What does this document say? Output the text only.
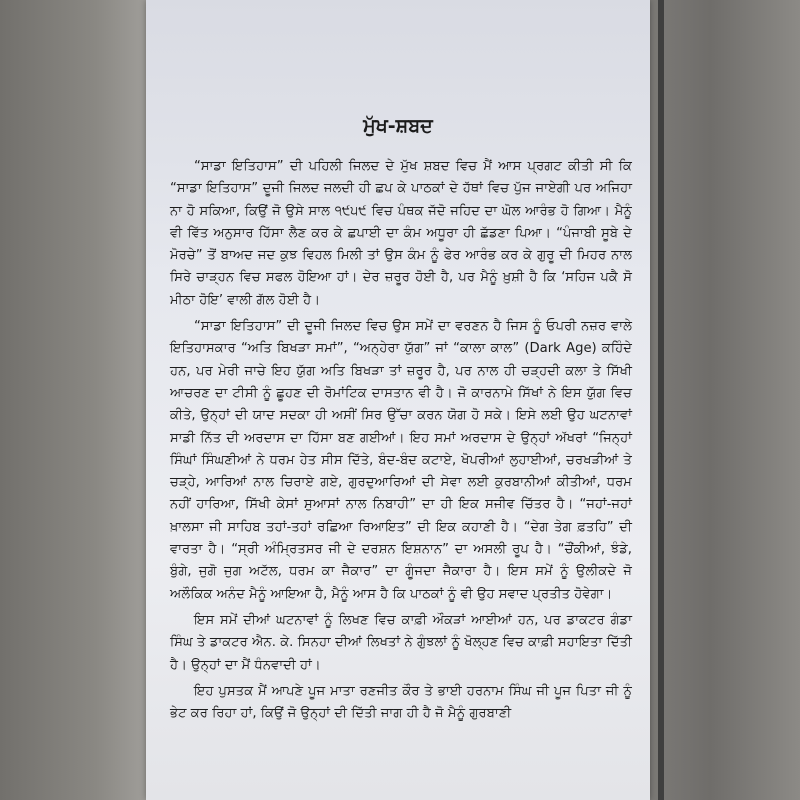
ਮੁੱਖ-ਸ਼ਬਦ

“ਸਾਡਾ ਇਤਿਹਾਸ” ਦੀ ਪਹਿਲੀ ਜਿਲਦ ਦੇ ਮੁੱਖ ਸ਼ਬਦ ਵਿਚ ਮੈਂ ਆਸ ਪ੍ਰਗਟ ਕੀਤੀ ਸੀ ਕਿ “ਸਾਡਾ ਇਤਿਹਾਸ” ਦੂਜੀ ਜਿਲਦ ਜਲਦੀ ਹੀ ਛਪ ਕੇ ਪਾਠਕਾਂ ਦੇ ਹੱਥਾਂ ਵਿਚ ਪੁੱਜ ਜਾਏਗੀ ਪਰ ਅਜਿਹਾ ਨਾ ਹੋ ਸਕਿਆ, ਕਿਉਂ ਜੋ ਉਸੇ ਸਾਲ ੧੯੫੯ ਵਿਚ ਪੰਥਕ ਜੱਦੋ ਜਹਿਦ ਦਾ ਘੋਲ ਆਰੰਭ ਹੋ ਗਿਆ। ਮੈਨੂੰ ਵੀ ਵਿੱਤ ਅਨੁਸਾਰ ਹਿੱਸਾ ਲੈਣ ਕਰ ਕੇ ਛਪਾਈ ਦਾ ਕੰਮ ਅਧੂਰਾ ਹੀ ਛੱਡਣਾ ਪਿਆ। “ਪੰਜਾਬੀ ਸੂਬੇ ਦੇ ਮੋਰਚੇ” ਤੋਂ ਬਾਅਦ ਜਦ ਕੁਝ ਵਿਹਲ ਮਿਲੀ ਤਾਂ ਉਸ ਕੰਮ ਨੂੰ ਫੇਰ ਆਰੰਭ ਕਰ ਕੇ ਗੁਰੂ ਦੀ ਮਿਹਰ ਨਾਲ ਸਿਰੇ ਚਾੜ੍ਹਨ ਵਿਚ ਸਫਲ ਹੋਇਆ ਹਾਂ। ਦੇਰ ਜ਼ਰੂਰ ਹੋਈ ਹੈ, ਪਰ ਮੈਨੂੰ ਖ਼ੁਸ਼ੀ ਹੈ ਕਿ ‘ਸਹਿਜ ਪਕੈ ਸੋ ਮੀਠਾ ਹੋਇ’ ਵਾਲੀ ਗੱਲ ਹੋਈ ਹੈ।

“ਸਾਡਾ ਇਤਿਹਾਸ” ਦੀ ਦੂਜੀ ਜਿਲਦ ਵਿਚ ਉਸ ਸਮੇਂ ਦਾ ਵਰਣਨ ਹੈ ਜਿਸ ਨੂੰ ਓਪਰੀ ਨਜ਼ਰ ਵਾਲੇ ਇਤਿਹਾਸਕਾਰ “ਅਤਿ ਬਿਖੜਾ ਸਮਾਂ”, “ਅਨ੍ਹੇਰਾ ਯੁੱਗ” ਜਾਂ “ਕਾਲਾ ਕਾਲ” (Dark Age) ਕਹਿੰਦੇ ਹਨ, ਪਰ ਮੇਰੀ ਜਾਚੇ ਇਹ ਯੁੱਗ ਅਤਿ ਬਿਖੜਾ ਤਾਂ ਜ਼ਰੂਰ ਹੈ, ਪਰ ਨਾਲ ਹੀ ਚੜ੍ਹਦੀ ਕਲਾ ਤੇ ਸਿੱਖੀ ਆਚਰਣ ਦਾ ਟੀਸੀ ਨੂੰ ਛੂਹਣ ਦੀ ਰੋਮਾਂਟਿਕ ਦਾਸਤਾਨ ਵੀ ਹੈ। ਜੋ ਕਾਰਨਾਮੇ ਸਿੱਖਾਂ ਨੇ ਇਸ ਯੁੱਗ ਵਿਚ ਕੀਤੇ, ਉਨ੍ਹਾਂ ਦੀ ਯਾਦ ਸਦਕਾ ਹੀ ਅਸੀਂ ਸਿਰ ਉੱਚਾ ਕਰਨ ਯੋਗ ਹੋ ਸਕੇ। ਇਸੇ ਲਈ ਉਹ ਘਟਨਾਵਾਂ ਸਾਡੀ ਨਿੱਤ ਦੀ ਅਰਦਾਸ ਦਾ ਹਿੱਸਾ ਬਣ ਗਈਆਂ। ਇਹ ਸਮਾਂ ਅਰਦਾਸ ਦੇ ਉਨ੍ਹਾਂ ਅੱਖਰਾਂ “ਜਿਨ੍ਹਾਂ ਸਿੰਘਾਂ ਸਿੰਘਣੀਆਂ ਨੇ ਧਰਮ ਹੇਤ ਸੀਸ ਦਿੱਤੇ, ਬੰਦ-ਬੰਦ ਕਟਾਏ, ਖੋਪਰੀਆਂ ਲੁਹਾਈਆਂ, ਚਰਖੜੀਆਂ ਤੇ ਚੜ੍ਹੇ, ਆਰਿਆਂ ਨਾਲ ਚਿਰਾਏ ਗਏ, ਗੁਰਦੁਆਰਿਆਂ ਦੀ ਸੇਵਾ ਲਈ ਕੁਰਬਾਨੀਆਂ ਕੀਤੀਆਂ, ਧਰਮ ਨਹੀਂ ਹਾਰਿਆ, ਸਿੱਖੀ ਕੇਸਾਂ ਸੁਆਸਾਂ ਨਾਲ ਨਿਬਾਹੀ” ਦਾ ਹੀ ਇਕ ਸਜੀਵ ਚਿੱਤਰ ਹੈ। “ਜਹਾਂ-ਜਹਾਂ ਖ਼ਾਲਸਾ ਜੀ ਸਾਹਿਬ ਤਹਾਂ-ਤਹਾਂ ਰਛਿਆ ਰਿਆਇਤ” ਦੀ ਇਕ ਕਹਾਣੀ ਹੈ। “ਦੇਗ ਤੇਗ ਫ਼ਤਹਿ” ਦੀ ਵਾਰਤਾ ਹੈ। “ਸ੍ਰੀ ਅੰਮ੍ਰਿਤਸਰ ਜੀ ਦੇ ਦਰਸ਼ਨ ਇਸ਼ਨਾਨ” ਦਾ ਅਸਲੀ ਰੂਪ ਹੈ। “ਚੌਂਕੀਆਂ, ਝੰਡੇ, ਬੁੰਗੇ, ਜੁਗੋ ਜੁਗ ਅਟੱਲ, ਧਰਮ ਕਾ ਜੈਕਾਰ” ਦਾ ਗੂੰਜਦਾ ਜੈਕਾਰਾ ਹੈ। ਇਸ ਸਮੇਂ ਨੂੰ ਉਲੀਕਦੇ ਜੋ ਅਲੌਕਿਕ ਅਨੰਦ ਮੈਨੂੰ ਆਇਆ ਹੈ, ਮੈਨੂੰ ਆਸ ਹੈ ਕਿ ਪਾਠਕਾਂ ਨੂੰ ਵੀ ਉਹ ਸਵਾਦ ਪ੍ਰਤੀਤ ਹੋਵੇਗਾ।

ਇਸ ਸਮੇਂ ਦੀਆਂ ਘਟਨਾਵਾਂ ਨੂੰ ਲਿਖਣ ਵਿਚ ਕਾਫ਼ੀ ਔਕੜਾਂ ਆਈਆਂ ਹਨ, ਪਰ ਡਾਕਟਰ ਗੰਡਾ ਸਿੰਘ ਤੇ ਡਾਕਟਰ ਐਨ. ਕੇ. ਸਿਨਹਾ ਦੀਆਂ ਲਿਖਤਾਂ ਨੇ ਗੁੰਝਲਾਂ ਨੂੰ ਖੋਲ੍ਹਣ ਵਿਚ ਕਾਫ਼ੀ ਸਹਾਇਤਾ ਦਿੱਤੀ ਹੈ। ਉਨ੍ਹਾਂ ਦਾ ਮੈਂ ਧੰਨਵਾਦੀ ਹਾਂ।

ਇਹ ਪੁਸਤਕ ਮੈਂ ਆਪਣੇ ਪੂਜ ਮਾਤਾ ਰਣਜੀਤ ਕੌਰ ਤੇ ਭਾਈ ਹਰਨਾਮ ਸਿੰਘ ਜੀ ਪੂਜ ਪਿਤਾ ਜੀ ਨੂੰ ਭੇਟ ਕਰ ਰਿਹਾ ਹਾਂ, ਕਿਉਂ ਜੋ ਉਨ੍ਹਾਂ ਦੀ ਦਿੱਤੀ ਜਾਗ ਹੀ ਹੈ ਜੋ ਮੈਨੂੰ ਗੁਰਬਾਣੀ
